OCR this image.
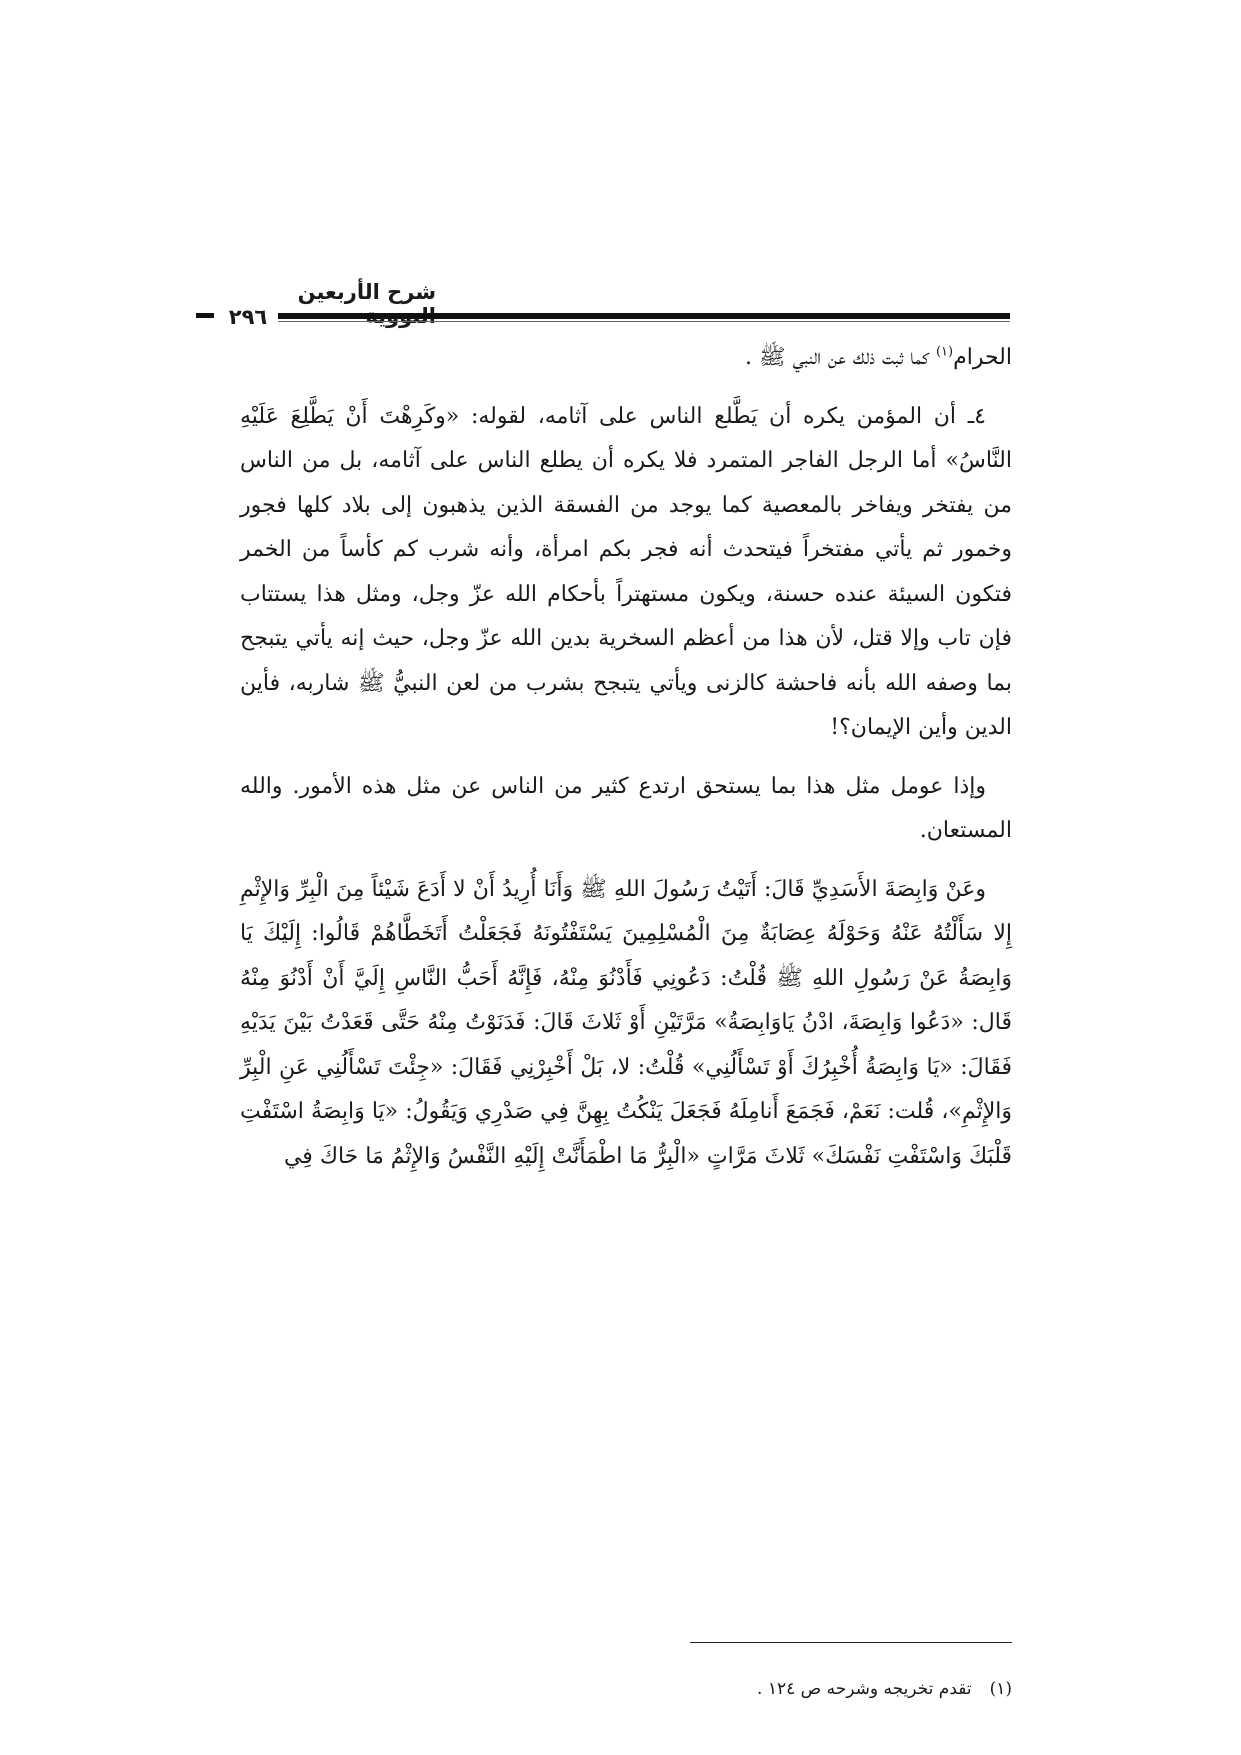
شرح الأربعين
٢٩٦

الحرام$^{(١)}$ كما ثبت ذلك عن النبي ﷺ .

٤ـ أن المؤمن يكره أن يَطَّلع الناس على آثامه، لقوله: «وكَرِهْتَ أَنْ يَطَّلِعَ عَلَيْهِ النَّاسُ» أما الرجل الفاجر المتمرد فلا يكره أن يطلع الناس على آثامه، بل من الناس من يفتخر ويفاخر بالمعصية كما يوجد من الفسقة الذين يذهبون إلى بلاد كلها فجور وخمور ثم يأتي مفتخراً فيتحدث أنه فجر بكم امرأة، وأنه شرب كم كأساً من الخمر فتكون السيئة عنده حسنة، ويكون مستهتراً بأحكام الله عزّ وجل، ومثل هذا يستتاب فإن تاب وإلا قتل، لأن هذا من أعظم السخرية بدين الله عزّ وجل، حيث إنه يأتي يتبجح بما وصفه الله بأنه فاحشة كالزنى ويأتي يتبجح بشرب من لعن النبيُّ ﷺ شاربه، فأين الدين وأين الإيمان؟!

وإذا عومل مثل هذا بما يستحق ارتدع كثير من الناس عن مثل هذه الأمور. والله المستعان.

وعَنْ وَابِصَةَ الأَسَدِيِّ قَالَ: أَتَيْتُ رَسُولَ اللهِ ﷺ وَأَنَا أُرِيدُ أَنْ لا أَدَعَ شَيْئاً مِنَ الْبِرِّ وَالإِثْمِ إِلا سَأَلْتُهُ عَنْهُ وَحَوْلَهُ عِصَابَةٌ مِنَ الْمُسْلِمِينَ يَسْتَفْتُونَهُ فَجَعَلْتُ أَتَخَطَّاهُمْ قَالُوا: إِلَيْكَ يَا وَابِصَةُ عَنْ رَسُولِ اللهِ ﷺ قُلْتُ: دَعُونِي فَأَدْنُوَ مِنْهُ، فَإِنَّهُ أَحَبُّ النَّاسِ إِلَيَّ أَنْ أَدْنُوَ مِنْهُ قَال: «دَعُوا وَابِصَةَ، ادْنُ يَاوَابِصَةُ» مَرَّتَيْنِ أَوْ ثَلاثَ قَالَ: فَدَنَوْتُ مِنْهُ حَتَّى قَعَدْتُ بَيْنَ يَدَيْهِ فَقَالَ: «يَا وَابِصَةُ أُخْبِرُكَ أَوْ تَسْأَلُنِي» قُلْتُ: لا، بَلْ أَخْبِرْنِي فَقَالَ: «جِئْتَ تَسْأَلُنِي عَنِ الْبِرِّ وَالإِثْمِ»، قُلت: نَعَمْ، فَجَمَعَ أَنامِلَهُ فَجَعَلَ يَنْكُتُ بِهِنَّ فِي صَدْرِي وَيَقُولُ: «يَا وَابِصَةُ اسْتَفْتِ قَلْبَكَ وَاسْتَفْتِ نَفْسَكَ» ثَلاثَ مَرَّاتٍ «الْبِرُّ مَا اطْمَأَنَّتْ إِلَيْهِ النَّفْسُ وَالإِثْمُ مَا حَاكَ فِي

(١)تقدم تخريجه وشرحه ص ١٢٤ .
